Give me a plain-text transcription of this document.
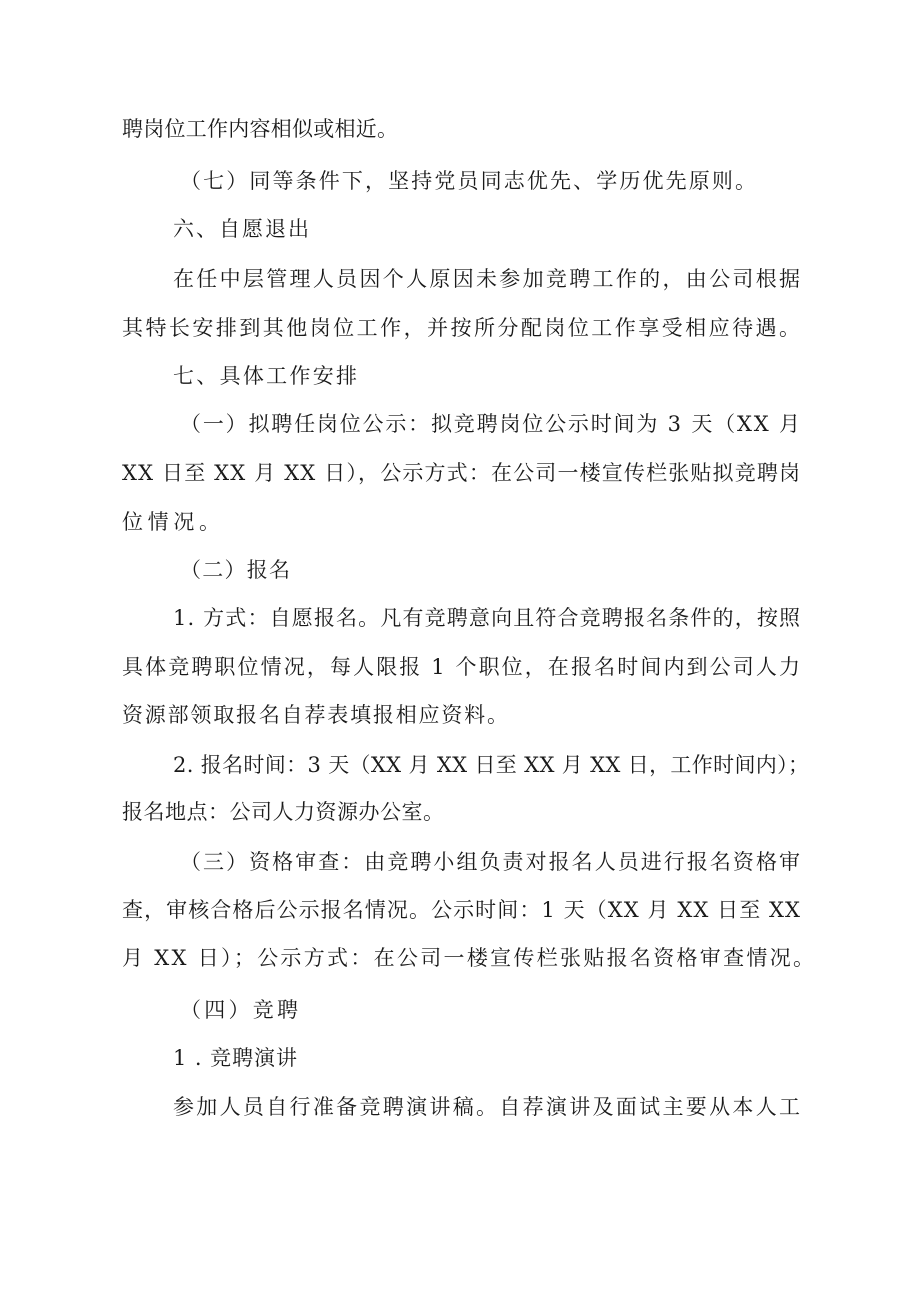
聘岗位工作内容相似或相近。
（七）同等条件下，坚持党员同志优先、学历优先原则。
六、自愿退出
在任中层管理人员因个人原因未参加竞聘工作的，由公司根据
其特长安排到其他岗位工作，并按所分配岗位工作享受相应待遇。
七、具体工作安排
（一）拟聘任岗位公示：拟竞聘岗位公示时间为 3 天（XX 月
XX 日至 XX 月 XX 日），公示方式：在公司一楼宣传栏张贴拟竞聘岗
位情况。
（二）报名
1. 方式：自愿报名。凡有竞聘意向且符合竞聘报名条件的，按照
具体竞聘职位情况，每人限报 1 个职位，在报名时间内到公司人力
资源部领取报名自荐表填报相应资料。
2. 报名时间：3 天（XX 月 XX 日至 XX 月 XX 日，工作时间内）；
报名地点：公司人力资源办公室。
（三）资格审查：由竞聘小组负责对报名人员进行报名资格审
查，审核合格后公示报名情况。公示时间：1 天（XX 月 XX 日至 XX
月 XX 日）；公示方式：在公司一楼宣传栏张贴报名资格审查情况。
（四）竞聘
1 . 竞聘演讲
参加人员自行准备竞聘演讲稿。自荐演讲及面试主要从本人工
